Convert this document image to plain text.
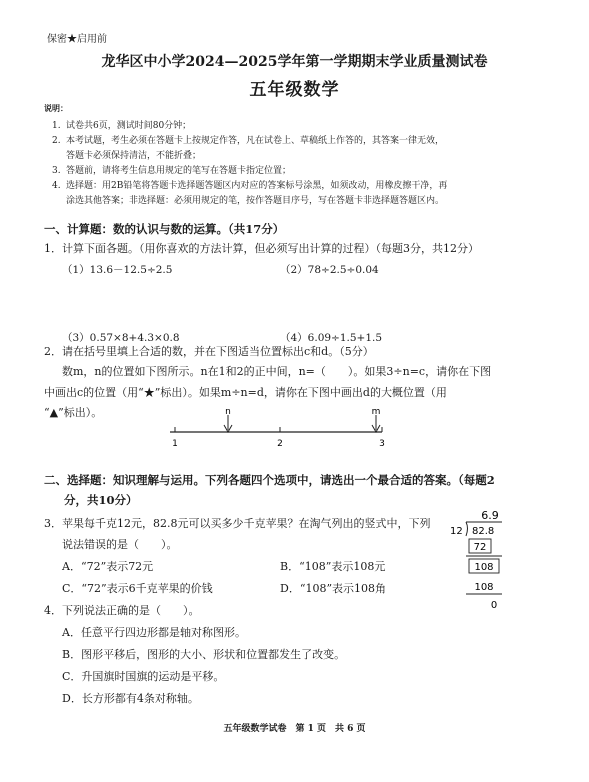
保密★启用前
龙华区中小学2024—2025学年第一学期期末学业质量测试卷
五年级数学
说明：
1. 试卷共6页，测试时间80分钟；
2. 本考试题，考生必须在答题卡上按规定作答，凡在试卷上、草稿纸上作答的，其答案一律无效，
答题卡必须保持清洁，不能折叠；
3. 答题前，请将考生信息用规定的笔写在答题卡指定位置；
4. 选择题：用2B铅笔将答题卡选择题答题区内对应的答案标号涂黑，如须改动，用橡皮擦干净，再
涂选其他答案；非选择题：必须用规定的笔，按作答题目序号，写在答题卡非选择题答题区内。
一、计算题：数的认识与数的运算。（共17分）
1．计算下面各题。（用你喜欢的方法计算，但必须写出计算的过程）（每题3分，共12分）
（1）13.6－12.5÷2.5	（2）78÷2.5÷0.04
（3）0.57×8+4.3×0.8	（4）6.09÷1.5+1.5
2．请在括号里填上合适的数，并在下图适当位置标出c和d。（5分）
数m，n的位置如下图所示。n在1和2的正中间，n=（　　）。如果3÷n=c，请你在下图
中画出c的位置（用“★”标出）。如果m÷n=d，请你在下图中画出d的大概位置（用
“▲”标出）。	n	m
1	2	3
二、选择题：知识理解与运用。下列各题四个选项中，请选出一个最合适的答案。（每题2
分，共10分）
3．苹果每千克12元，82.8元可以买多少千克苹果？在淘气列出的竖式中，下列
说法错误的是（　　）。
A．“72”表示72元	B．“108”表示108元
C．“72”表示6千克苹果的价钱	D．“108”表示108角
6.9
12 82.8
72
108
108
0
4．下列说法正确的是（　　）。
A．任意平行四边形都是轴对称图形。
B．图形平移后，图形的大小、形状和位置都发生了改变。
C．升国旗时国旗的运动是平移。
D．长方形都有4条对称轴。
五年级数学试卷　第 1 页　共 6 页
